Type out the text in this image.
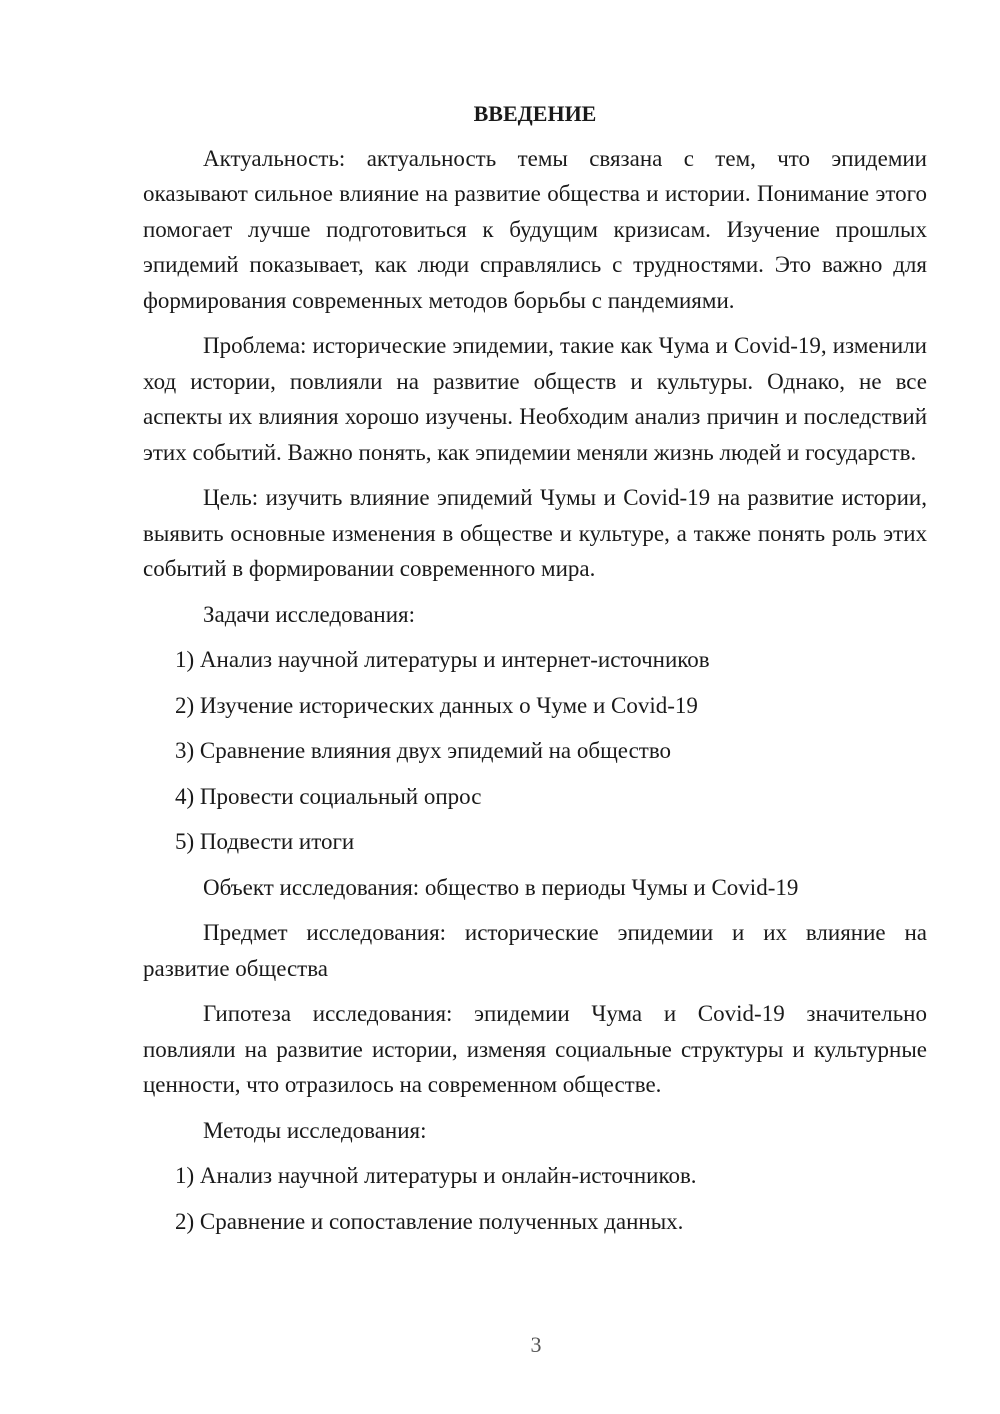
ВВЕДЕНИЕ

Актуальность: актуальность темы связана с тем, что эпидемии оказывают сильное влияние на развитие общества и истории. Понимание этого помогает лучше подготовиться к будущим кризисам. Изучение прошлых эпидемий показывает, как люди справлялись с трудностями. Это важно для формирования современных методов борьбы с пандемиями.

Проблема: исторические эпидемии, такие как Чума и Covid-19, изменили ход истории, повлияли на развитие обществ и культуры. Однако, не все аспекты их влияния хорошо изучены. Необходим анализ причин и последствий этих событий. Важно понять, как эпидемии меняли жизнь людей и государств.

Цель: изучить влияние эпидемий Чумы и Covid-19 на развитие истории, выявить основные изменения в обществе и культуре, а также понять роль этих событий в формировании современного мира.

Задачи исследования:

1) Анализ научной литературы и интернет-источников
2) Изучение исторических данных о Чуме и Covid-19
3) Сравнение влияния двух эпидемий на общество
4) Провести социальный опрос
5) Подвести итоги

Объект исследования: общество в периоды Чумы и Covid-19

Предмет исследования: исторические эпидемии и их влияние на развитие общества

Гипотеза исследования: эпидемии Чума и Covid-19 значительно повлияли на развитие истории, изменяя социальные структуры и культурные ценности, что отразилось на современном обществе.

Методы исследования:

1) Анализ научной литературы и онлайн-источников.
2) Сравнение и сопоставление полученных данных.
3
